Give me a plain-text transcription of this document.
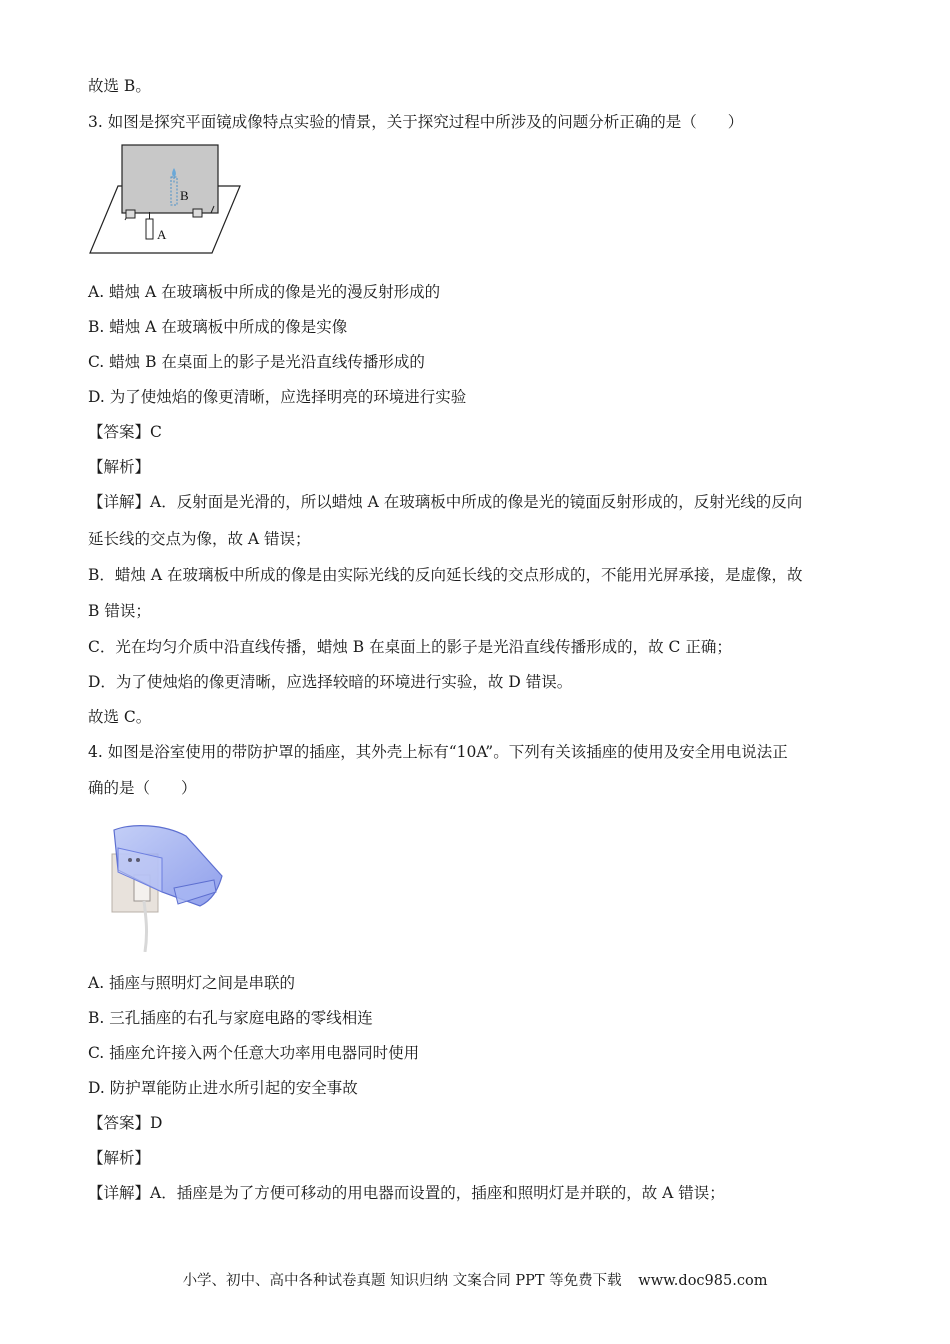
故选 B。
3. 如图是探究平面镜成像特点实验的情景，关于探究过程中所涉及的问题分析正确的是（　　）
B
A
A. 蜡烛 A 在玻璃板中所成的像是光的漫反射形成的
B. 蜡烛 A 在玻璃板中所成的像是实像
C. 蜡烛 B 在桌面上的影子是光沿直线传播形成的
D. 为了使烛焰的像更清晰，应选择明亮的环境进行实验
【答案】C
【解析】
【详解】A．反射面是光滑的，所以蜡烛 A 在玻璃板中所成的像是光的镜面反射形成的，反射光线的反向
延长线的交点为像，故 A 错误；
B．蜡烛 A 在玻璃板中所成的像是由实际光线的反向延长线的交点形成的，不能用光屏承接，是虚像，故
B 错误；
C．光在均匀介质中沿直线传播，蜡烛 B 在桌面上的影子是光沿直线传播形成的，故 C 正确；
D．为了使烛焰的像更清晰，应选择较暗的环境进行实验，故 D 错误。
故选 C。
4. 如图是浴室使用的带防护罩的插座，其外壳上标有“10A”。下列有关该插座的使用及安全用电说法正
确的是（　　）
A. 插座与照明灯之间是串联的
B. 三孔插座的右孔与家庭电路的零线相连
C. 插座允许接入两个任意大功率用电器同时使用
D. 防护罩能防止进水所引起的安全事故
【答案】D
【解析】
【详解】A．插座是为了方便可移动的用电器而设置的，插座和照明灯是并联的，故 A 错误；
小学、初中、高中各种试卷真题 知识归纳 文案合同 PPT 等免费下载 www.doc985.com
